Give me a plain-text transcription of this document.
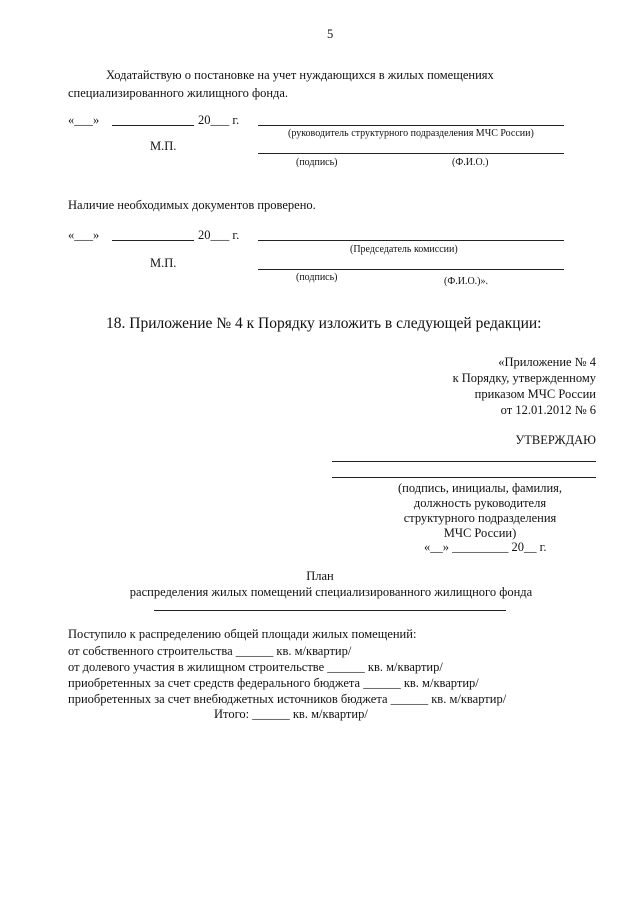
5
Ходатайствую о постановке на учет нуждающихся в жилых помещениях
специализированного жилищного фонда.
«___»	20___ г.
(руководитель структурного подразделения МЧС России)
М.П.
(подпись)	(Ф.И.О.)
Наличие необходимых документов проверено.
«___»	20___ г.
(Председатель комиссии)
М.П.
(подпись)	(Ф.И.О.)».
18. Приложение № 4 к Порядку изложить в следующей редакции:
«Приложение № 4
к Порядку, утвержденному
приказом МЧС России
от 12.01.2012 № 6
УТВЕРЖДАЮ
(подпись, инициалы, фамилия,
должность руководителя
структурного подразделения
МЧС России)
«__» _________ 20__ г.
План
распределения жилых помещений специализированного жилищного фонда
Поступило к распределению общей площади жилых помещений:
от собственного строительства ______ кв. м/квартир/
от долевого участия в жилищном строительстве ______ кв. м/квартир/
приобретенных за счет средств федерального бюджета ______ кв. м/квартир/
приобретенных за счет внебюджетных источников бюджета ______ кв. м/квартир/
Итого: ______ кв. м/квартир/
